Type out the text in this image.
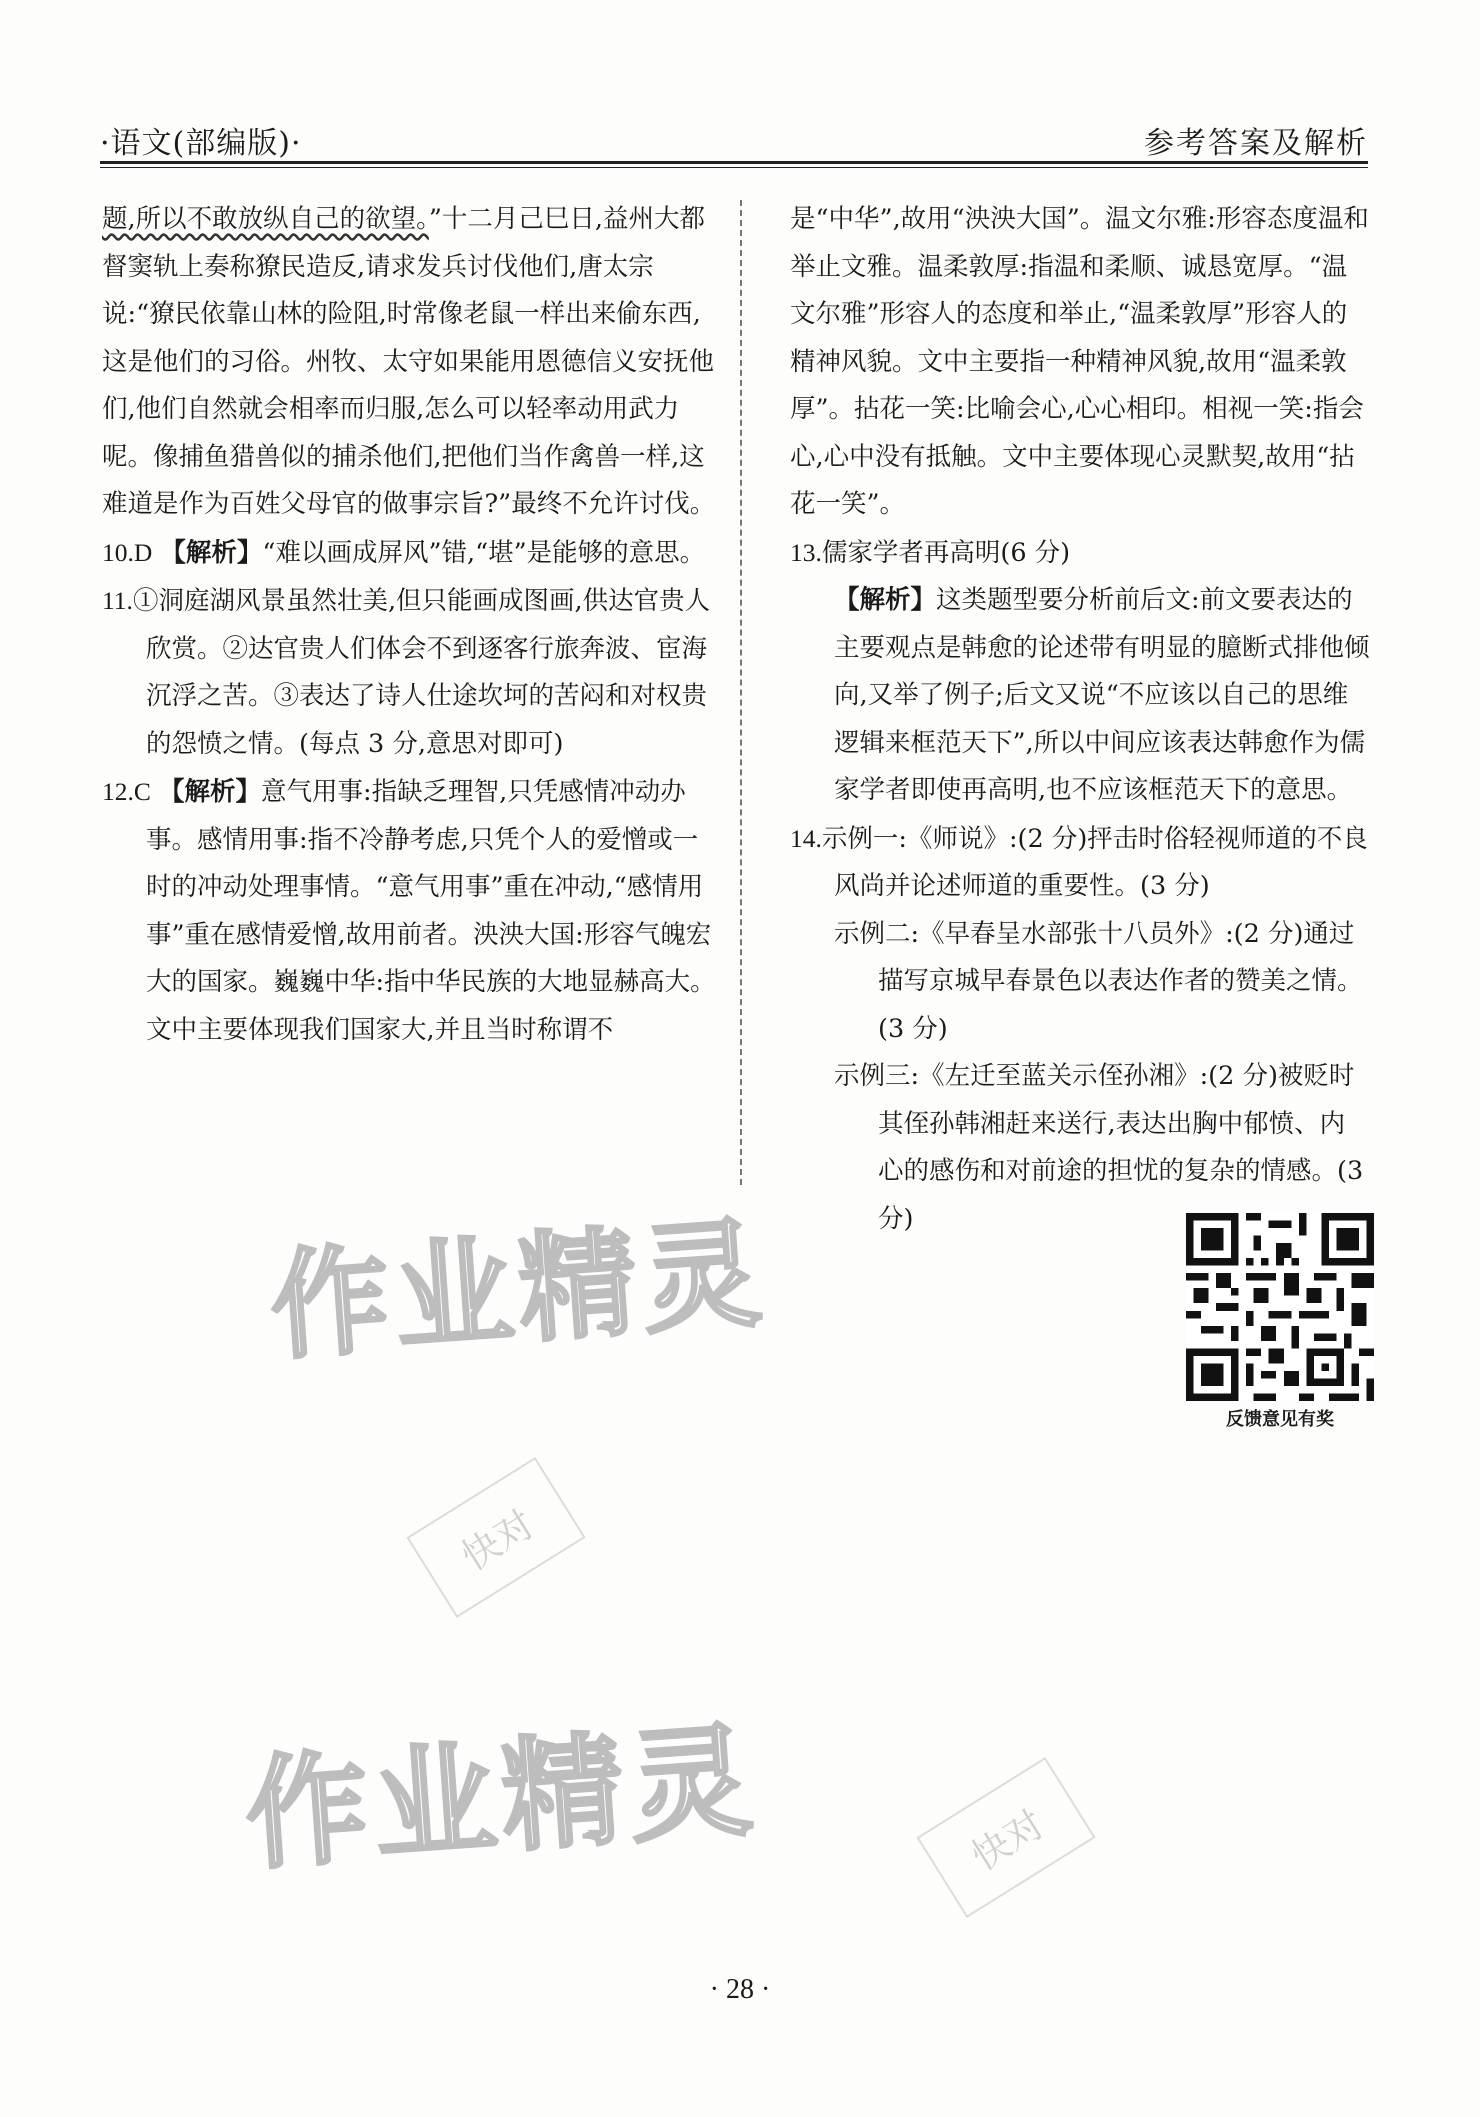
·语文(部编版)·	参考答案及解析

题,所以不敢放纵自己的欲望。”十二月己巳日,益州大都督窦轨上奏称獠民造反,请求发兵讨伐他们,唐太宗说:“獠民依靠山林的险阻,时常像老鼠一样出来偷东西,这是他们的习俗。州牧、太守如果能用恩德信义安抚他们,他们自然就会相率而归服,怎么可以轻率动用武力呢。像捕鱼猎兽似的捕杀他们,把他们当作禽兽一样,这难道是作为百姓父母官的做事宗旨?”最终不允许讨伐。

10.D 【解析】“难以画成屏风”错,“堪”是能够的意思。

11.①洞庭湖风景虽然壮美,但只能画成图画,供达官贵人欣赏。②达官贵人们体会不到逐客行旅奔波、宦海沉浮之苦。③表达了诗人仕途坎坷的苦闷和对权贵的怨愤之情。(每点 3 分,意思对即可)

12.C 【解析】意气用事:指缺乏理智,只凭感情冲动办事。感情用事:指不冷静考虑,只凭个人的爱憎或一时的冲动处理事情。“意气用事”重在冲动,“感情用事”重在感情爱憎,故用前者。泱泱大国:形容气魄宏大的国家。巍巍中华:指中华民族的大地显赫高大。文中主要体现我们国家大,并且当时称谓不

是“中华”,故用“泱泱大国”。温文尔雅:形容态度温和举止文雅。温柔敦厚:指温和柔顺、诚恳宽厚。“温文尔雅”形容人的态度和举止,“温柔敦厚”形容人的精神风貌。文中主要指一种精神风貌,故用“温柔敦厚”。拈花一笑:比喻会心,心心相印。相视一笑:指会心,心中没有抵触。文中主要体现心灵默契,故用“拈花一笑”。

13.儒家学者再高明(6 分)

【解析】这类题型要分析前后文:前文要表达的主要观点是韩愈的论述带有明显的臆断式排他倾向,又举了例子;后文又说“不应该以自己的思维逻辑来框范天下”,所以中间应该表达韩愈作为儒家学者即使再高明,也不应该框范天下的意思。

14.示例一:《师说》:(2 分)抨击时俗轻视师道的不良风尚并论述师道的重要性。(3 分)

示例二:《早春呈水部张十八员外》:(2 分)通过描写京城早春景色以表达作者的赞美之情。(3 分)

示例三:《左迁至蓝关示侄孙湘》:(2 分)被贬时其侄孙韩湘赶来送行,表达出胸中郁愤、内心的感伤和对前途的担忧的复杂的情感。(3 分)

反馈意见有奖
作业精灵
作业精灵
快对
快对
· 28 ·
